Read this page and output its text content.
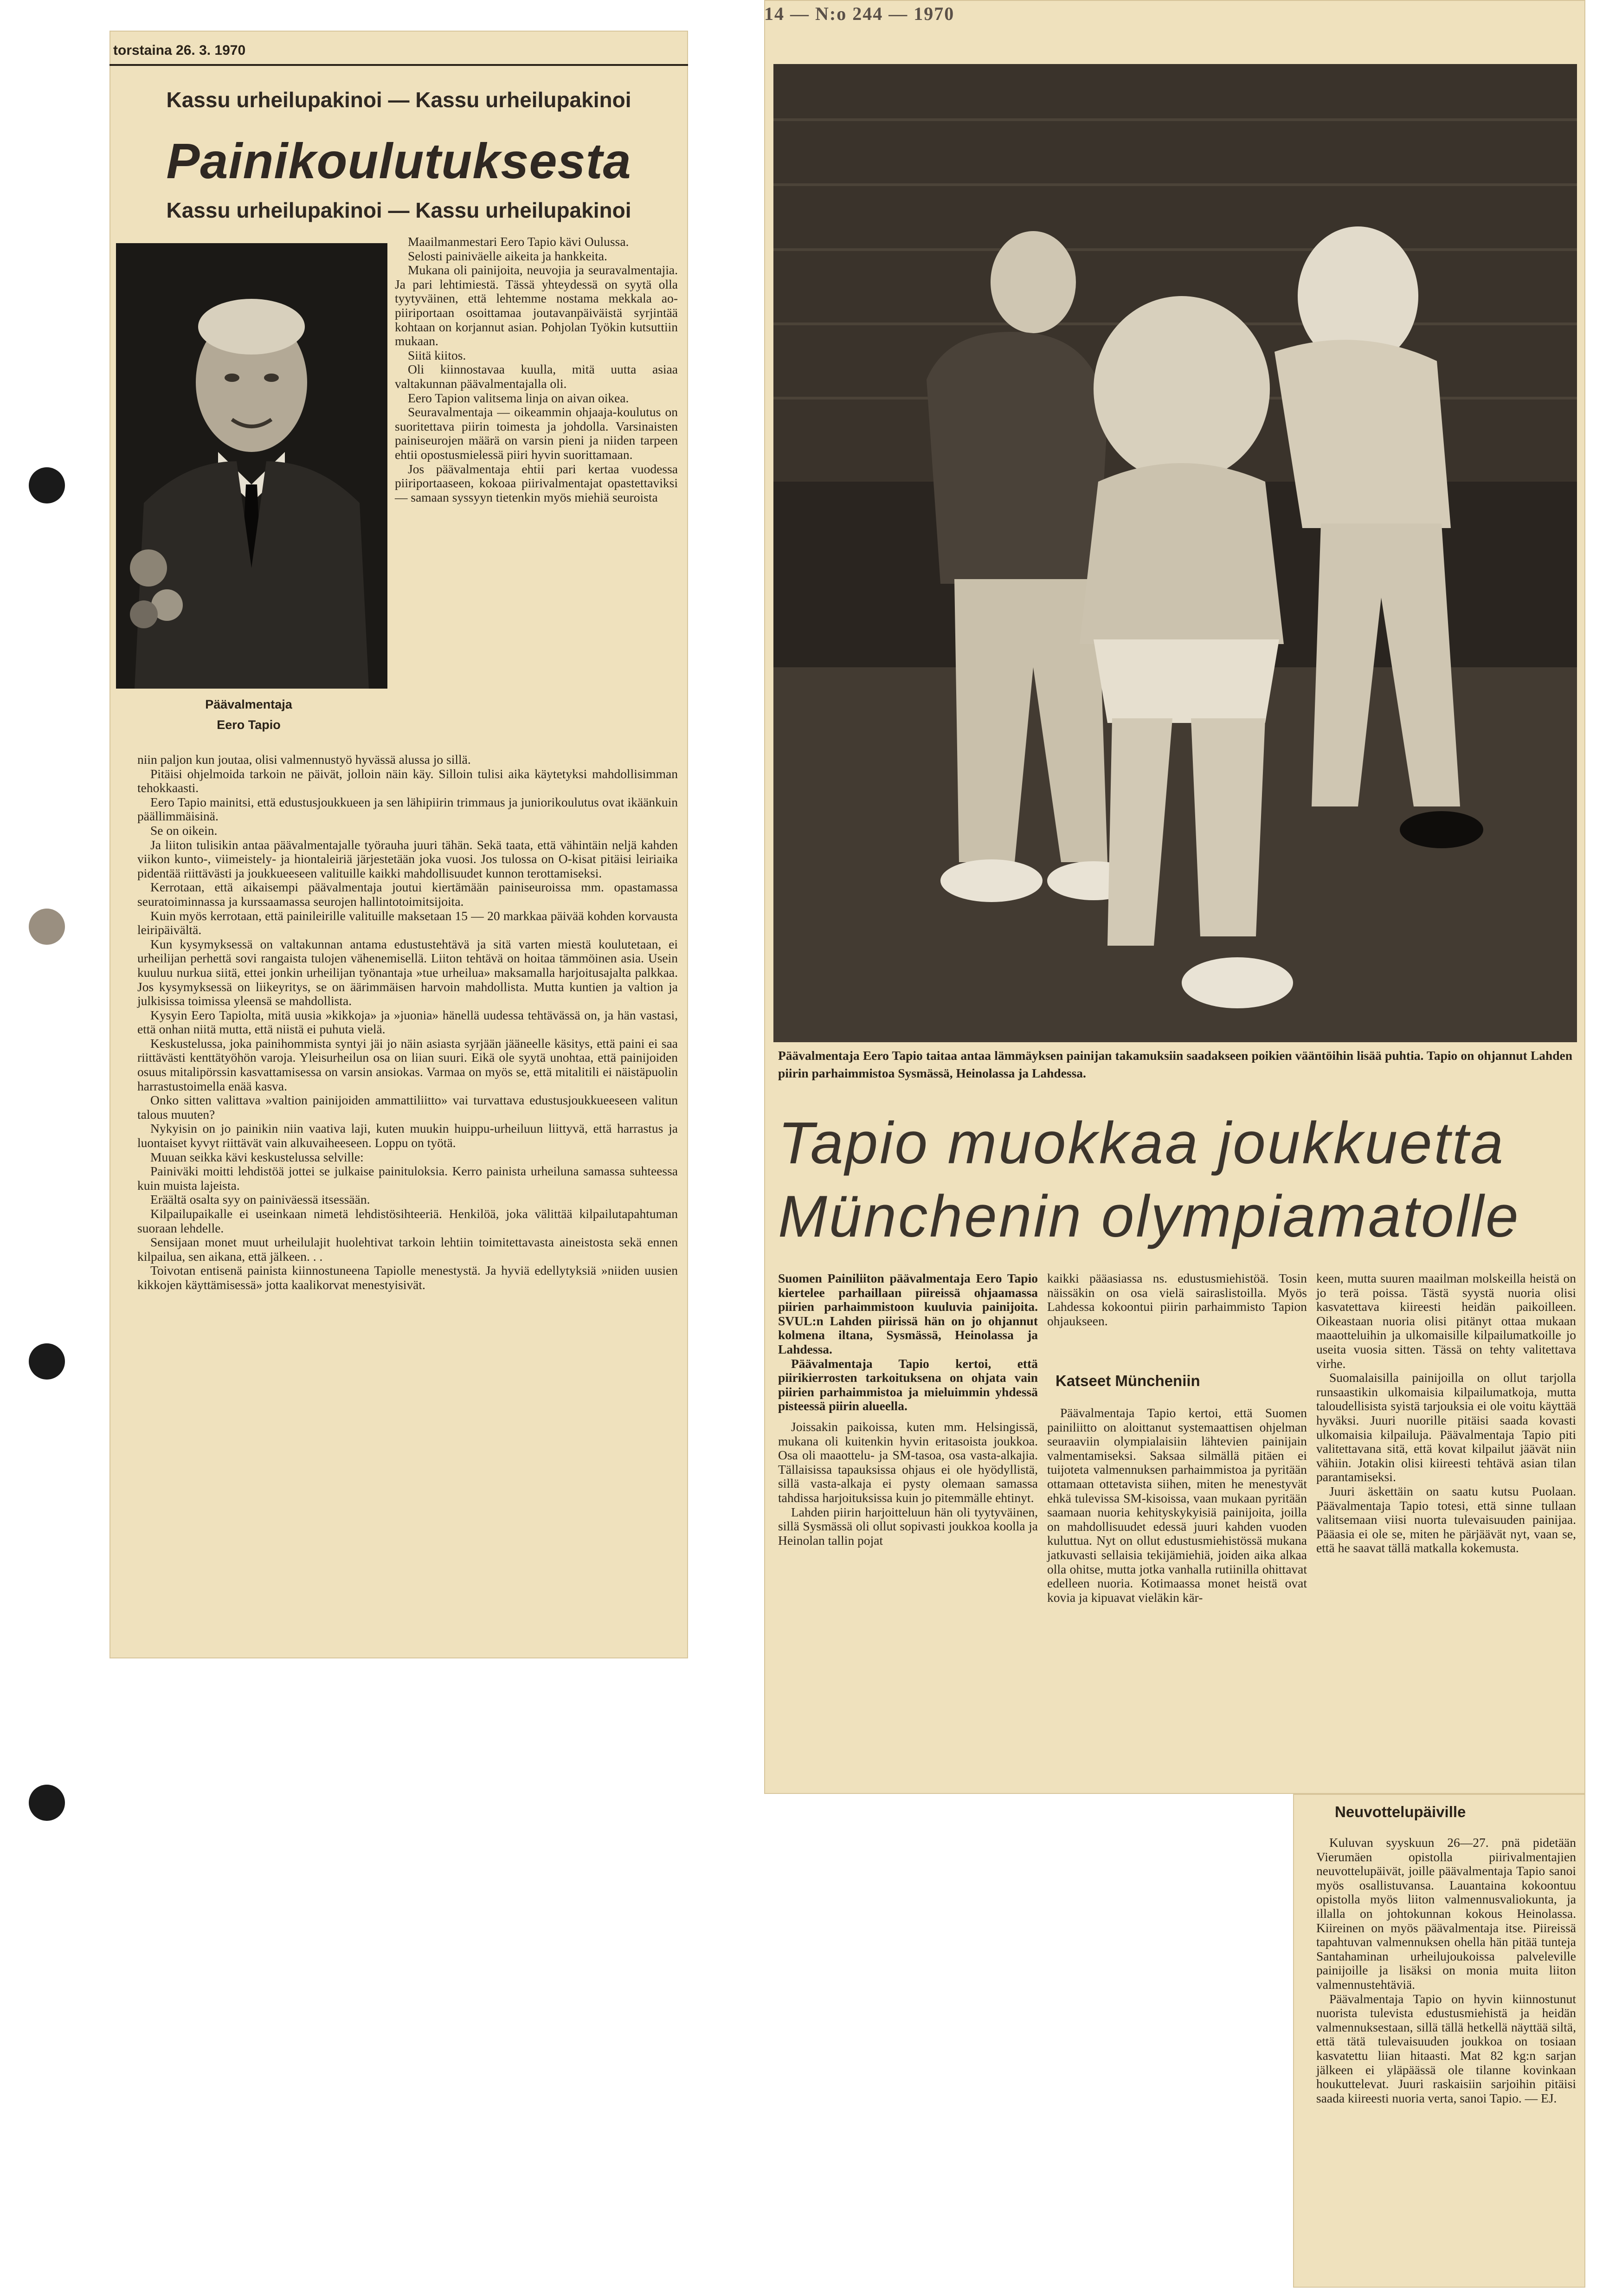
torstaina 26. 3. 1970
Kassu urheilupakinoi — Kassu urheilupakinoi
Painikoulutuksesta
Kassu urheilupakinoi — Kassu urheilupakinoi
Päävalmentaja
Eero Tapio

Maailmanmestari Eero Tapio kävi Oulussa.

Selosti painiväelle aikeita ja hankkeita.

Mukana oli painijoita, neuvojia ja seuravalmentajia. Ja pari lehtimiestä. Tässä yhteydessä on syytä olla tyytyväinen, että lehtemme nostama mekkala ao-piiriportaan osoittamaa joutavanpäiväistä syrjintää kohtaan on korjannut asian. Pohjolan Työkin kutsuttiin mukaan.

Siitä kiitos.

Oli kiinnostavaa kuulla, mitä uutta asiaa valtakunnan päävalmentajalla oli.

Eero Tapion valitsema linja on aivan oikea.

Seuravalmentaja — oikeammin ohjaaja-koulutus on suoritettava piirin toimesta ja johdolla. Varsinaisten painiseurojen määrä on varsin pieni ja niiden tarpeen ehtii opostusmielessä piiri hyvin suorittamaan.

Jos päävalmentaja ehtii pari kertaa vuodessa piiriportaaseen, kokoaa piirivalmentajat opastettaviksi — samaan syssyyn tietenkin myös miehiä seuroista

niin paljon kun joutaa, olisi valmennustyö hyvässä alussa jo sillä.

Pitäisi ohjelmoida tarkoin ne päivät, jolloin näin käy. Silloin tulisi aika käytetyksi mahdollisimman tehokkaasti.

Eero Tapio mainitsi, että edustusjoukkueen ja sen lähipiirin trimmaus ja juniorikoulutus ovat ikäänkuin päällimmäisinä.

Se on oikein.

Ja liiton tulisikin antaa päävalmentajalle työrauha juuri tähän. Sekä taata, että vähintäin neljä kahden viikon kunto-, viimeistely- ja hiontaleiriä järjestetään joka vuosi. Jos tulossa on O-kisat pitäisi leiriaika pidentää riittävästi ja joukkueeseen valituille kaikki mahdollisuudet kunnon terottamiseksi.

Kerrotaan, että aikaisempi päävalmentaja joutui kiertämään painiseuroissa mm. opastamassa seuratoiminnassa ja kurssaamassa seurojen hallintotoimitsijoita.

Kuin myös kerrotaan, että painileirille valituille maksetaan 15 — 20 markkaa päivää kohden korvausta leiripäivältä.

Kun kysymyksessä on valtakunnan antama edustustehtävä ja sitä varten miestä koulutetaan, ei urheilijan perhettä sovi rangaista tulojen vähenemisellä. Liiton tehtävä on hoitaa tämmöinen asia. Usein kuuluu nurkua siitä, ettei jonkin urheilijan työnantaja »tue urheilua» maksamalla harjoitusajalta palkkaa. Jos kysymyksessä on liikeyritys, se on äärimmäisen harvoin mahdollista. Mutta kuntien ja valtion ja julkisissa toimissa yleensä se mahdollista.

Kysyin Eero Tapiolta, mitä uusia »kikkoja» ja »juonia» hänellä uudessa tehtävässä on, ja hän vastasi, että onhan niitä mutta, että niistä ei puhuta vielä.

Keskustelussa, joka painihommista syntyi jäi jo näin asiasta syrjään jääneelle käsitys, että paini ei saa riittävästi kenttätyöhön varoja. Yleisurheilun osa on liian suuri. Eikä ole syytä unohtaa, että painijoiden osuus mitalipörssin kasvattamisessa on varsin ansiokas. Varmaa on myös se, että mitalitili ei näistäpuolin harrastustoimella enää kasva.

Onko sitten valittava »valtion painijoiden ammattiliitto» vai turvattava edustusjoukkueeseen valitun talous muuten?

Nykyisin on jo painikin niin vaativa laji, kuten muukin huippu-urheiluun liittyvä, että harrastus ja luontaiset kyvyt riittävät vain alkuvaiheeseen. Loppu on työtä.

Muuan seikka kävi keskustelussa selville:

Painiväki moitti lehdistöä jottei se julkaise painituloksia. Kerro painista urheiluna samassa suhteessa kuin muista lajeista.

Eräältä osalta syy on painiväessä itsessään.

Kilpailupaikalle ei useinkaan nimetä lehdistösihteeriä. Henkilöä, joka välittää kilpailutapahtuman suoraan lehdelle.

Sensijaan monet muut urheilulajit huolehtivat tarkoin lehtiin toimitettavasta aineistosta sekä ennen kilpailua, sen aikana, että jälkeen. . .

Toivotan entisenä painista kiinnostuneena Tapiolle menestystä. Ja hyviä edellytyksiä »niiden uusien kikkojen käyttämisessä» jotta kaalikorvat menestyisivät.

14 — N:o 244 — 1970
Päävalmentaja Eero Tapio taitaa antaa lämmäyksen painijan takamuksiin saadakseen poikien vääntöihin lisää puhtia. Tapio on ohjannut Lahden piirin parhaimmistoa Sysmässä, Heinolassa ja Lahdessa.
Tapio muokkaa joukkuetta
Münchenin olympiamatolle

Suomen Painiliiton päävalmentaja Eero Tapio kiertelee parhaillaan piireissä ohjaamassa piirien parhaimmistoon kuuluvia painijoita. SVUL:n Lahden piirissä hän on jo ohjannut kolmena iltana, Sysmässä, Heinolassa ja Lahdessa.

Päävalmentaja Tapio kertoi, että piirikierrosten tarkoituksena on ohjata vain piirien parhaimmistoa ja mieluimmin yhdessä pisteessä piirin alueella.

Joissakin paikoissa, kuten mm. Helsingissä, mukana oli kuitenkin hyvin eritasoista joukkoa. Osa oli maaottelu- ja SM-tasoa, osa vasta-alkajia. Tällaisissa tapauksissa ohjaus ei ole hyödyllistä, sillä vasta-alkaja ei pysty olemaan samassa tahdissa harjoituksissa kuin jo pitemmälle ehtinyt.

Lahden piirin harjoitteluun hän oli tyytyväinen, sillä Sysmässä oli ollut sopivasti joukkoa koolla ja Heinolan tallin pojat

kaikki pääasiassa ns. edustusmiehistöä. Tosin näissäkin on osa vielä sairaslistoilla. Myös Lahdessa kokoontui piirin parhaimmisto Tapion ohjaukseen.

Katseet Müncheniin

Päävalmentaja Tapio kertoi, että Suomen painiliitto on aloittanut systemaattisen ohjelman seuraaviin olympialaisiin lähtevien painijain valmentamiseksi. Saksaa silmällä pitäen ei tuijoteta valmennuksen parhaimmistoa ja pyritään ottamaan ottetavista siihen, miten he menestyvät ehkä tulevissa SM-kisoissa, vaan mukaan pyritään saamaan nuoria kehityskykyisiä painijoita, joilla on mahdollisuudet edessä juuri kahden vuoden kuluttua. Nyt on ollut edustusmiehistössä mukana jatkuvasti sellaisia tekijämiehiä, joiden aika alkaa olla ohitse, mutta jotka vanhalla rutiinilla ohittavat edelleen nuoria. Kotimaassa monet heistä ovat kovia ja kipuavat vieläkin kär-

keen, mutta suuren maailman molskeilla heistä on jo terä poissa. Tästä syystä nuoria olisi kasvatettava kiireesti heidän paikoilleen. Oikeastaan nuoria olisi pitänyt ottaa mukaan maaotteluihin ja ulkomaisille kilpailumatkoille jo useita vuosia sitten. Tässä on tehty valitettava virhe.

Suomalaisilla painijoilla on ollut tarjolla runsaastikin ulkomaisia kilpailumatkoja, mutta taloudellisista syistä tarjouksia ei ole voitu käyttää hyväksi. Juuri nuorille pitäisi saada kovasti ulkomaisia kilpailuja. Päävalmentaja Tapio piti valitettavana sitä, että kovat kilpailut jäävät niin vähiin. Jotakin olisi kiireesti tehtävä asian tilan parantamiseksi.

Juuri äskettäin on saatu kutsu Puolaan. Päävalmentaja Tapio totesi, että sinne tullaan valitsemaan viisi nuorta tulevaisuuden painijaa. Pääasia ei ole se, miten he pärjäävät nyt, vaan se, että he saavat tällä matkalla kokemusta.

Neuvottelupäiville

Kuluvan syyskuun 26—27. pnä pidetään Vierumäen opistolla piirivalmentajien neuvottelupäivät, joille päävalmentaja Tapio sanoi myös osallistuvansa. Lauantaina kokoontuu opistolla myös liiton valmennusvaliokunta, ja illalla on johtokunnan kokous Heinolassa. Kiireinen on myös päävalmentaja itse. Piireissä tapahtuvan valmennuksen ohella hän pitää tunteja Santahaminan urheilujoukoissa palveleville painijoille ja lisäksi on monia muita liiton valmennustehtäviä.

Päävalmentaja Tapio on hyvin kiinnostunut nuorista tulevista edustusmiehistä ja heidän valmennuksestaan, sillä tällä hetkellä näyttää siltä, että tätä tulevaisuuden joukkoa on tosiaan kasvatettu liian hitaasti. Mat 82 kg:n sarjan jälkeen ei yläpäässä ole tilanne kovinkaan houkuttelevat. Juuri raskaisiin sarjoihin pitäisi saada kiireesti nuoria verta, sanoi Tapio. — EJ.
